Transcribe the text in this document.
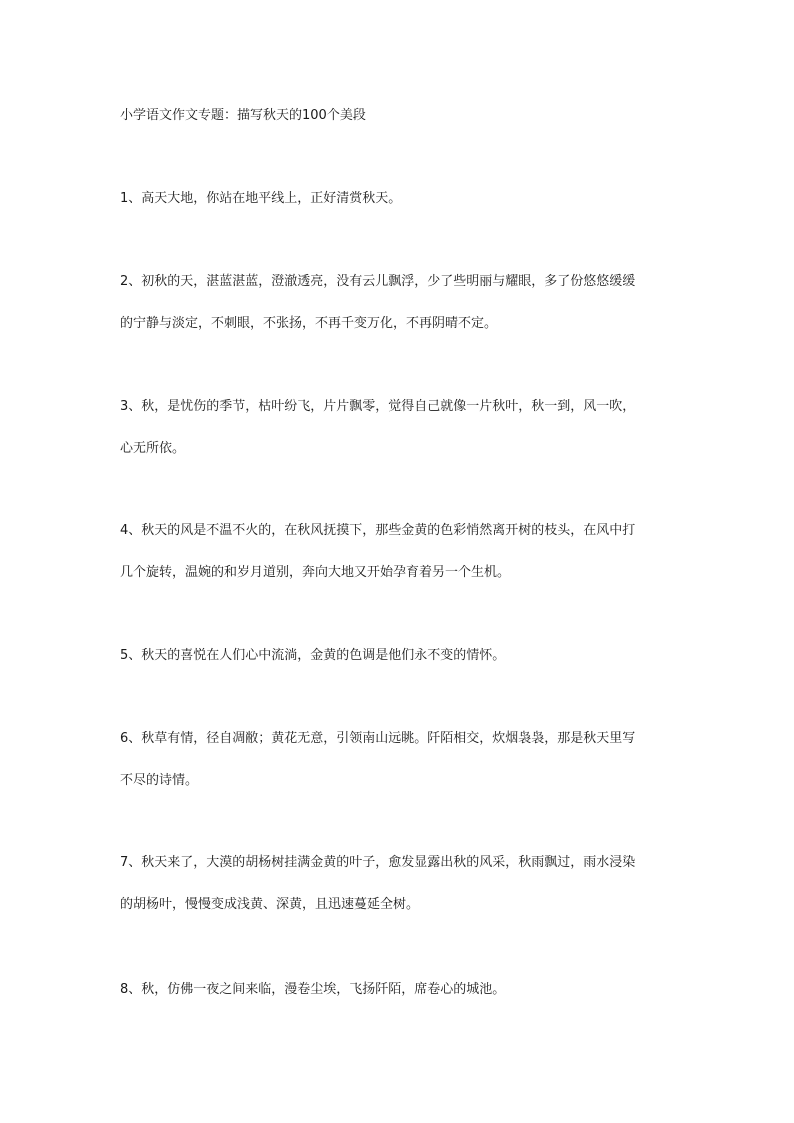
小学语文作文专题：描写秋天的100个美段
1、高天大地，你站在地平线上，正好清赏秋天。
2、初秋的天，湛蓝湛蓝，澄澈透亮，没有云儿飘浮，少了些明丽与耀眼，多了份悠悠缓缓
的宁静与淡定，不刺眼，不张扬，不再千变万化，不再阴晴不定。
3、秋，是忧伤的季节，枯叶纷飞，片片飘零，觉得自己就像一片秋叶，秋一到，风一吹，
心无所依。
4、秋天的风是不温不火的，在秋风抚摸下，那些金黄的色彩悄然离开树的枝头，在风中打
几个旋转，温婉的和岁月道别，奔向大地又开始孕育着另一个生机。
5、秋天的喜悦在人们心中流淌，金黄的色调是他们永不变的情怀。
6、秋草有情，径自凋敝；黄花无意，引领南山远眺。阡陌相交，炊烟袅袅，那是秋天里写
不尽的诗情。
7、秋天来了，大漠的胡杨树挂满金黄的叶子，愈发显露出秋的风采，秋雨飘过，雨水浸染
的胡杨叶，慢慢变成浅黄、深黄，且迅速蔓延全树。
8、秋，仿佛一夜之间来临，漫卷尘埃，飞扬阡陌，席卷心的城池。
